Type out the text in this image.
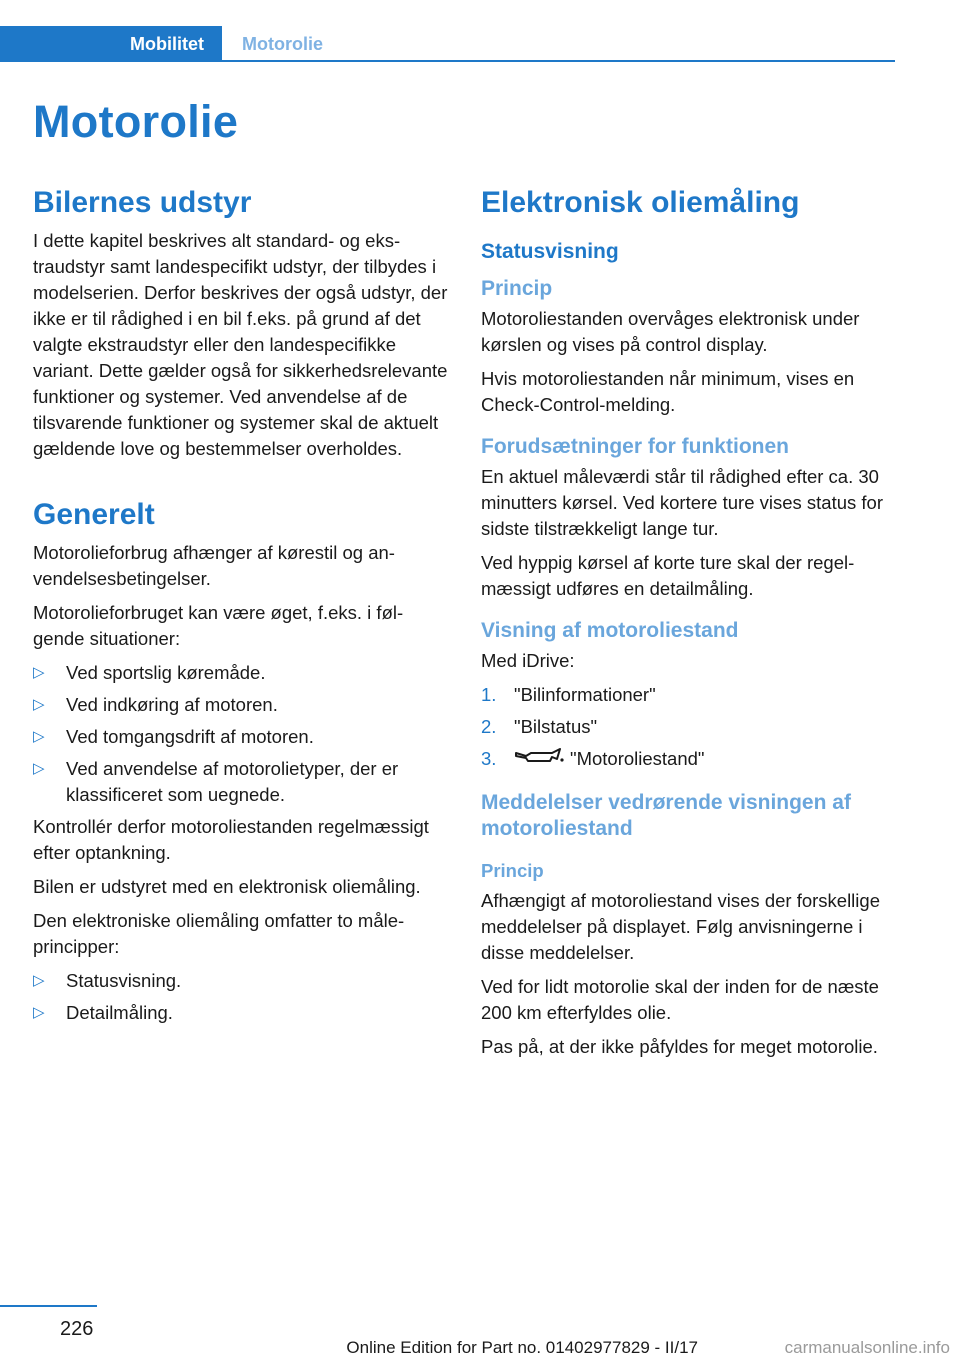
Mobilitet Motorolie
Motorolie
Bilernes udstyr

I dette kapitel beskrives alt standard- og ekstraudstyr samt landespecifikt udstyr, der tilbydes i modelserien. Derfor beskrives der også udstyr, der ikke er til rådighed i en bil f.eks. på grund af det valgte ekstraudstyr eller den landespecifikke variant. Dette gælder også for sikkerhedsrelevante funktioner og systemer. Ved anvendelse af de tilsvarende funktioner og systemer skal de aktuelt gældende love og bestemmelser overholdes.

Generelt

Motorolieforbrug afhænger af kørestil og anvendelsesbetingelser.

Motorolieforbruget kan være øget, f.eks. i følgende situationer:

▷ Ved sportslig køremåde.
▷ Ved indkøring af motoren.
▷ Ved tomgangsdrift af motoren.
▷ Ved anvendelse af motorolietyper, der er klassificeret som uegnede.

Kontrollér derfor motoroliestanden regelmæssigt efter optankning.

Bilen er udstyret med en elektronisk oliemåling.

Den elektroniske oliemåling omfatter to måleprincipper:

▷ Statusvisning.
▷ Detailmåling.
Elektronisk oliemåling
Statusvisning
Princip

Motoroliestanden overvåges elektronisk under kørslen og vises på control display.

Hvis motoroliestanden når minimum, vises en Check-Control-melding.

Forudsætninger for funktionen

En aktuel måleværdi står til rådighed efter ca. 30 minutters kørsel. Ved kortere ture vises status for sidste tilstrækkeligt lange tur.

Ved hyppig kørsel af korte ture skal der regelmæssigt udføres en detailmåling.

Visning af motoroliestand

Med iDrive:

1. "Bilinformationer"
2. "Bilstatus"
3.	"Motoroliestand"
Meddelelser vedrørende visningen af motoroliestand
Princip

Afhængigt af motoroliestand vises der forskellige meddelelser på displayet. Følg anvisningerne i disse meddelelser.

Ved for lidt motorolie skal der inden for de næste 200 km efterfyldes olie.

Pas på, at der ikke påfyldes for meget motorolie.

226
Online Edition for Part no. 01402977829 - II/17	carmanualsonline.info
